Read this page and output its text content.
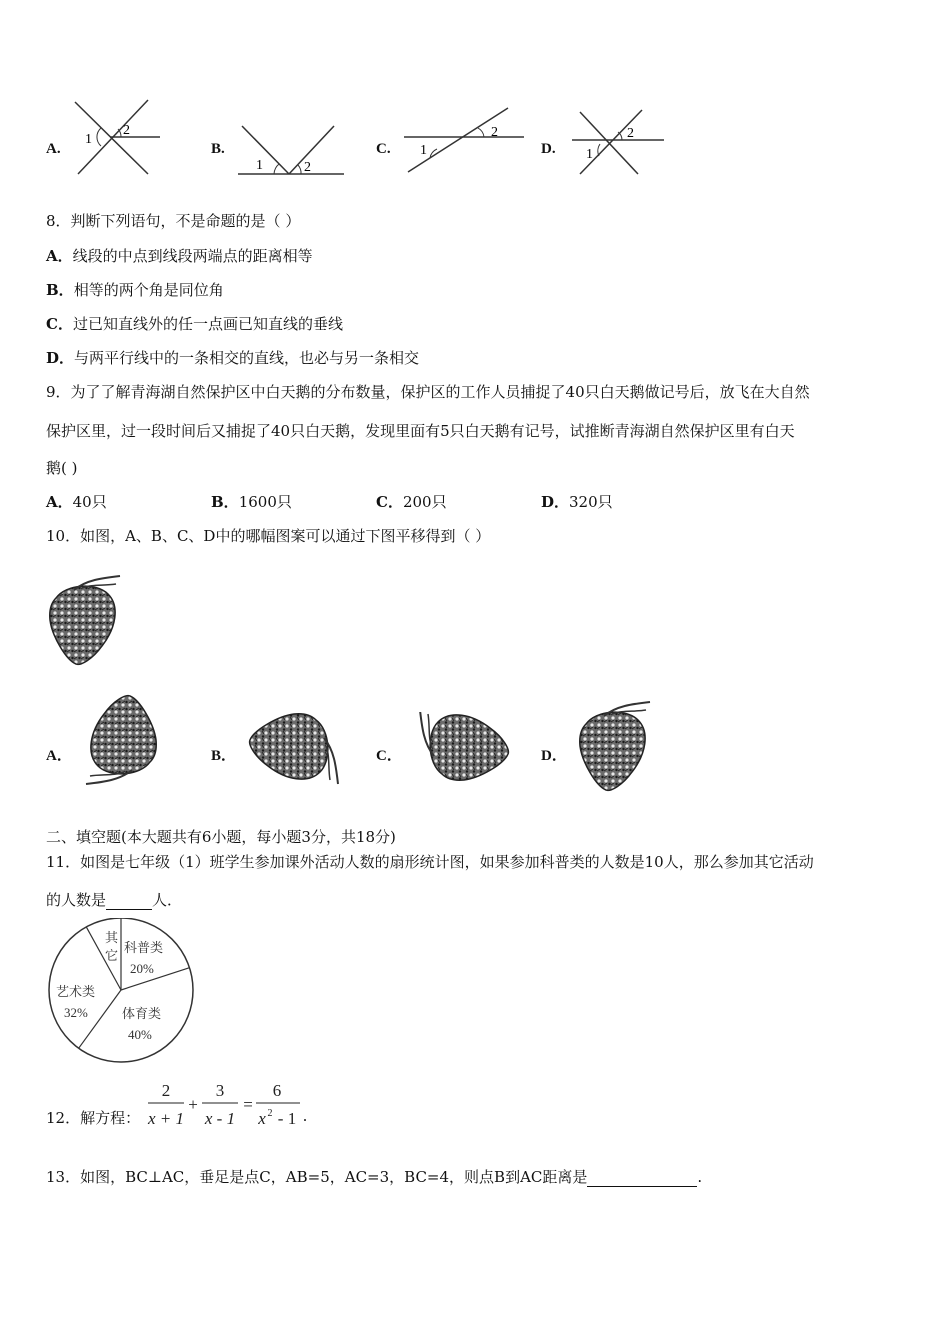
A.
1
2
B.
1	2
C. 1
2
D. 1
2
8．判断下列语句，不是命题的是（ ）
A．线段的中点到线段两端点的距离相等
B．相等的两个角是同位角
C．过已知直线外的任一点画已知直线的垂线
D．与两平行线中的一条相交的直线，也必与另一条相交
9．为了了解青海湖自然保护区中白天鹅的分布数量，保护区的工作人员捕捉了40只白天鹅做记号后，放飞在大自然
保护区里，过一段时间后又捕捉了40只白天鹅，发现里面有5只白天鹅有记号，试推断青海湖自然保护区里有白天
鹅( )
A．40只	B．1600只	C．200只	D．320只
10．如图，A、B、C、D中的哪幅图案可以通过下图平移得到（ ）
A．	B．	C．	D．
二、填空题(本大题共有6小题，每小题3分，共18分)
11．如图是七年级（1）班学生参加课外活动人数的扇形统计图，如果参加科普类的人数是10人，那么参加其它活动
的人数是	人．
其
它
科普类
20%
体育类
40%
艺术类
32%
12．解方程：
2
x + 1
+
3
x - 1
=
6
x 2 - 1 .
13．如图，BC⊥AC，垂足是点C，AB=5，AC=3，BC=4，则点B到AC距离是	.
